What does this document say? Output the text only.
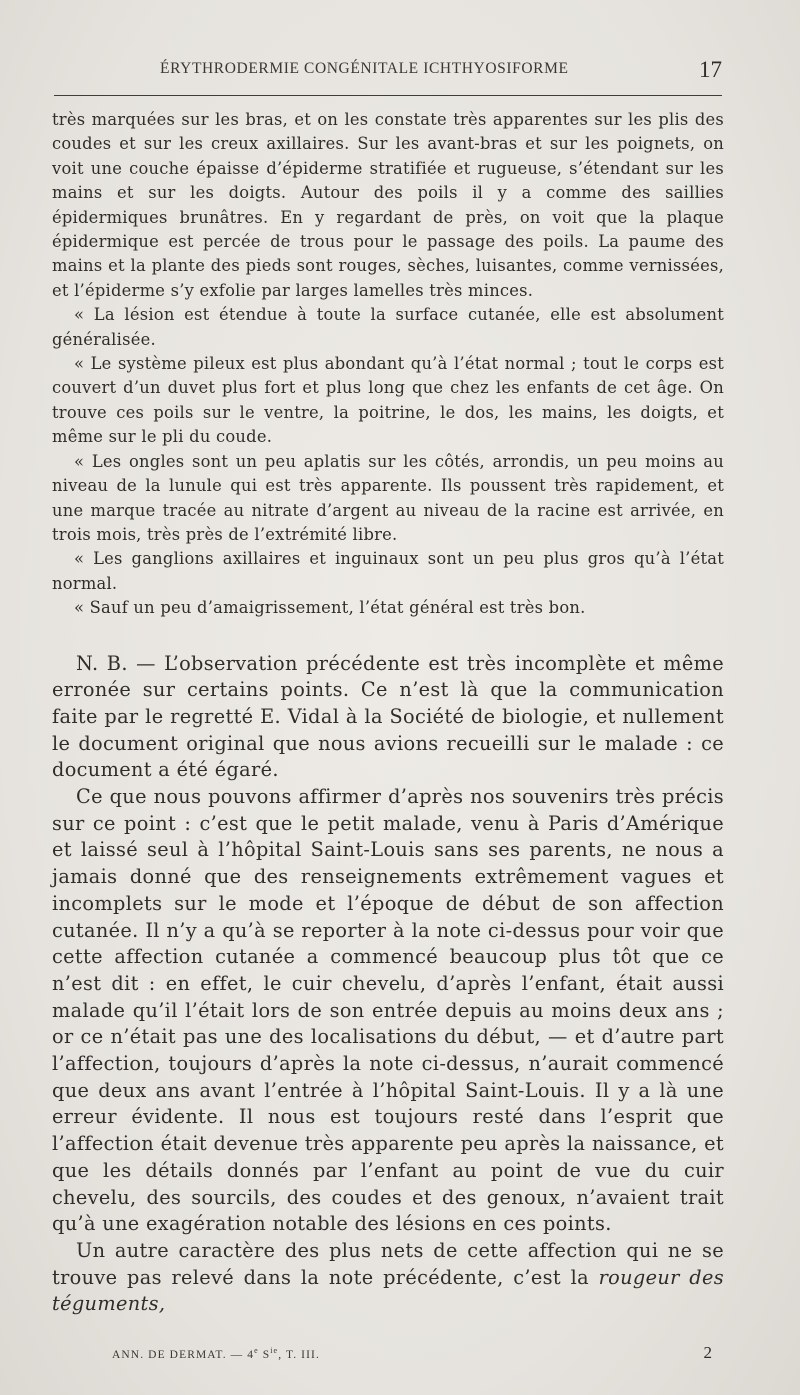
ÉRYTHRODERMIE CONGÉNITALE ICHTHYOSIFORME	17

très marquées sur les bras, et on les constate très apparentes sur les plis des coudes et sur les creux axillaires. Sur les avant-bras et sur les poignets, on voit une couche épaisse d’épiderme stratifiée et rugueuse, s’étendant sur les mains et sur les doigts. Autour des poils il y a comme des saillies épidermiques brunâtres. En y regardant de près, on voit que la plaque épidermique est percée de trous pour le passage des poils. La paume des mains et la plante des pieds sont rouges, sèches, luisantes, comme vernissées, et l’épiderme s’y exfolie par larges lamelles très minces.

« La lésion est étendue à toute la surface cutanée, elle est absolument généralisée.

« Le système pileux est plus abondant qu’à l’état normal ; tout le corps est couvert d’un duvet plus fort et plus long que chez les enfants de cet âge. On trouve ces poils sur le ventre, la poitrine, le dos, les mains, les doigts, et même sur le pli du coude.

« Les ongles sont un peu aplatis sur les côtés, arrondis, un peu moins au niveau de la lunule qui est très apparente. Ils poussent très rapidement, et une marque tracée au nitrate d’argent au niveau de la racine est arrivée, en trois mois, très près de l’extrémité libre.

« Les ganglions axillaires et inguinaux sont un peu plus gros qu’à l’état normal.

« Sauf un peu d’amaigrissement, l’état général est très bon.

N. B. — L’observation précédente est très incomplète et même erronée sur certains points. Ce n’est là que la communication faite par le regretté E. Vidal à la Société de biologie, et nullement le document original que nous avions recueilli sur le malade : ce document a été égaré.

Ce que nous pouvons affirmer d’après nos souvenirs très précis sur ce point : c’est que le petit malade, venu à Paris d’Amérique et laissé seul à l’hôpital Saint-Louis sans ses parents, ne nous a jamais donné que des renseignements extrêmement vagues et incomplets sur le mode et l’époque de début de son affection cutanée. Il n’y a qu’à se reporter à la note ci-dessus pour voir que cette affection cutanée a commencé beaucoup plus tôt que ce n’est dit : en effet, le cuir chevelu, d’après l’enfant, était aussi malade qu’il l’était lors de son entrée depuis au moins deux ans ; or ce n’était pas une des localisations du début, — et d’autre part l’affection, toujours d’après la note ci-dessus, n’aurait commencé que deux ans avant l’entrée à l’hôpital Saint-Louis. Il y a là une erreur évidente. Il nous est toujours resté dans l’esprit que l’affection était devenue très apparente peu après la naissance, et que les détails donnés par l’enfant au point de vue du cuir chevelu, des sourcils, des coudes et des genoux, n’avaient trait qu’à une exagération notable des lésions en ces points.

Un autre caractère des plus nets de cette affection qui ne se trouve pas relevé dans la note précédente, c’est la rougeur des téguments,

ANN. DE DERMAT. — 4e $S^{ie}$, T. III.	2
